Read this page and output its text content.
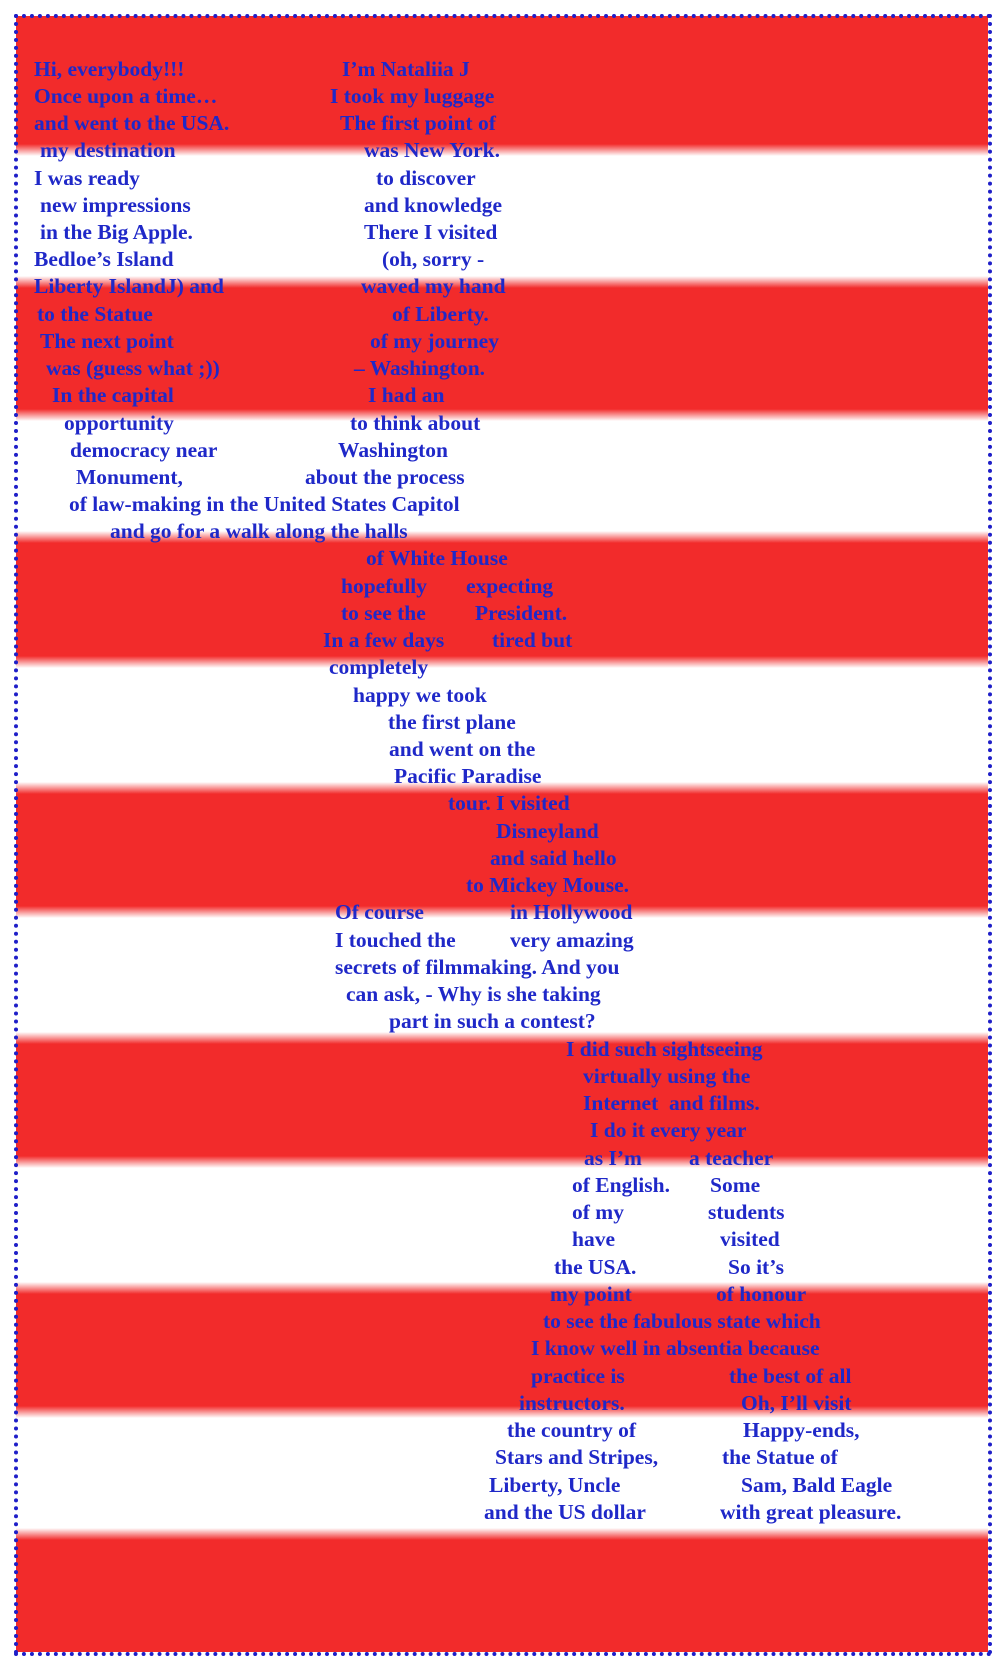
Hi, everybody!!!	I’m Nataliia J

Once upon a time…	I took my luggage

and went to the USA.	The first point of

my destination	was New York.

I was ready	to discover

new impressions	and knowledge

in the Big Apple.	There I visited

Bedloe’s Island	(oh, sorry -

Liberty IslandJ) and	waved my hand

to the Statue	of Liberty.

The next point	of my journey

was (guess what ;))	– Washington.

In the capital	I had an

opportunity	to think about

democracy near	Washington

Monument,	about the process

of law-making in the United States Capitol

and go for a walk along the halls

of White House

hopefully expecting

to see the President.

In a few days tired but

completely

happy we took

the first plane

and went on the

Pacific Paradise

tour. I visited

Disneyland

and said hello

to Mickey Mouse.

Of course	in Hollywood

I touched the	very amazing

secrets of filmmaking. And you

can ask, - Why is she taking

part in such a contest?

I did such sightseeing

virtually using the

Internet  and films.

I do it every year

as I’m a teacher

of English. Some

of my	students

have	visited

the USA.	So it’s

my point	of honour

to see the fabulous state which

I know well in absentia because

practice is	the best of all

instructors.	Oh, I’ll visit

the country of	Happy-ends,

Stars and Stripes,	the Statue of

Liberty, Uncle	Sam, Bald Eagle

and the US dollar	with great pleasure.
